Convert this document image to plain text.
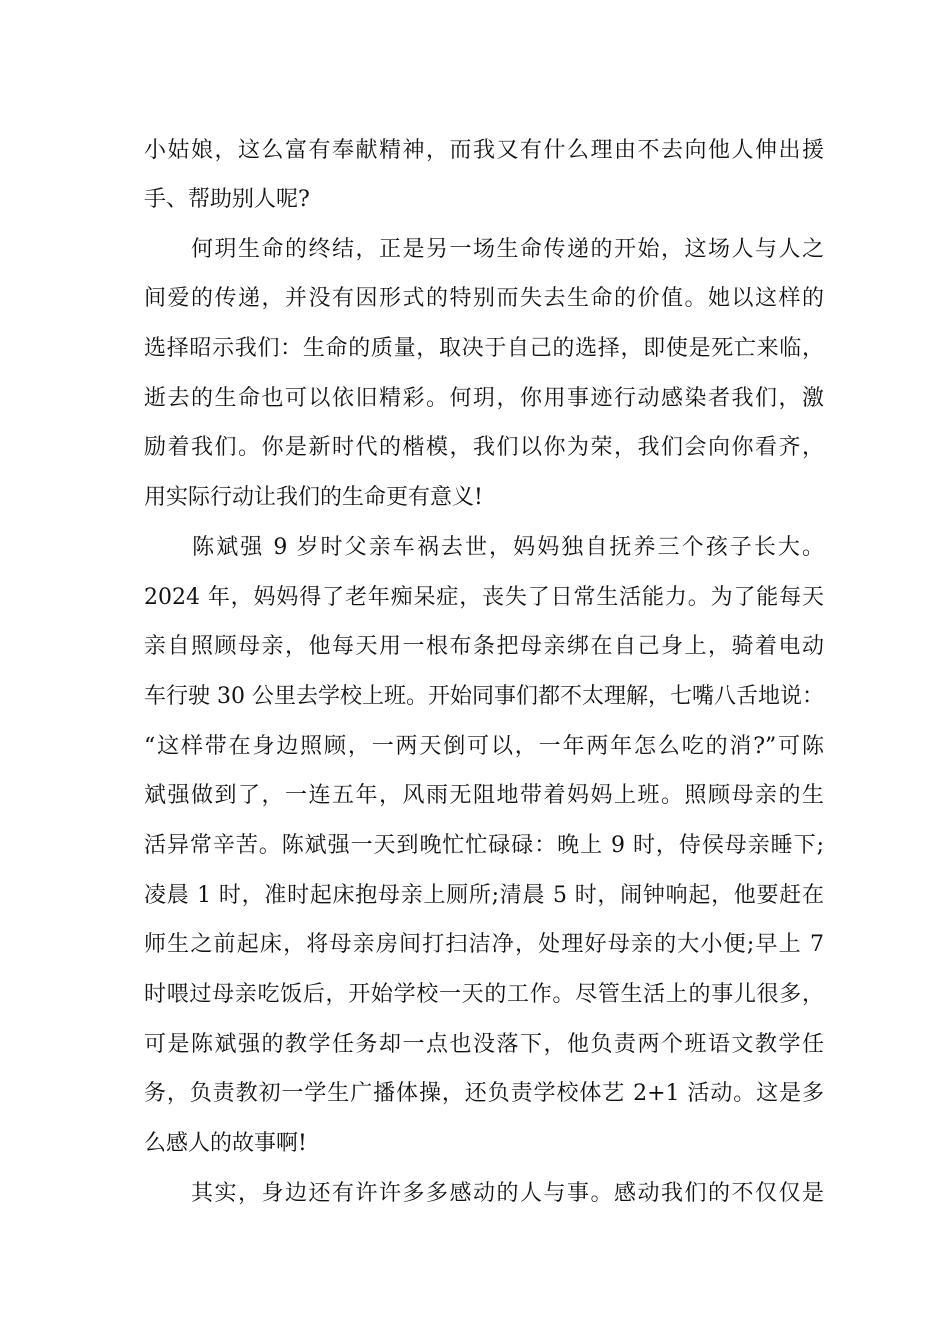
小姑娘，这么富有奉献精神，而我又有什么理由不去向他人伸出援
手、帮助别人呢?
　　何玥生命的终结，正是另一场生命传递的开始，这场人与人之
间爱的传递，并没有因形式的特别而失去生命的价值。她以这样的
选择昭示我们：生命的质量，取决于自己的选择，即使是死亡来临，
逝去的生命也可以依旧精彩。何玥，你用事迹行动感染者我们，激
励着我们。你是新时代的楷模，我们以你为荣，我们会向你看齐，
用实际行动让我们的生命更有意义!
　　陈斌强 9 岁时父亲车祸去世，妈妈独自抚养三个孩子长大。
2024 年，妈妈得了老年痴呆症，丧失了日常生活能力。为了能每天
亲自照顾母亲，他每天用一根布条把母亲绑在自己身上，骑着电动
车行驶 30 公里去学校上班。开始同事们都不太理解，七嘴八舌地说：
“这样带在身边照顾，一两天倒可以，一年两年怎么吃的消?”可陈
斌强做到了，一连五年，风雨无阻地带着妈妈上班。照顾母亲的生
活异常辛苦。陈斌强一天到晚忙忙碌碌：晚上 9 时，侍侯母亲睡下;
凌晨 1 时，准时起床抱母亲上厕所;清晨 5 时，闹钟响起，他要赶在
师生之前起床，将母亲房间打扫洁净，处理好母亲的大小便;早上 7
时喂过母亲吃饭后，开始学校一天的工作。尽管生活上的事儿很多，
可是陈斌强的教学任务却一点也没落下，他负责两个班语文教学任
务，负责教初一学生广播体操，还负责学校体艺 2+1 活动。这是多
么感人的故事啊!
　　其实，身边还有许许多多感动的人与事。感动我们的不仅仅是
